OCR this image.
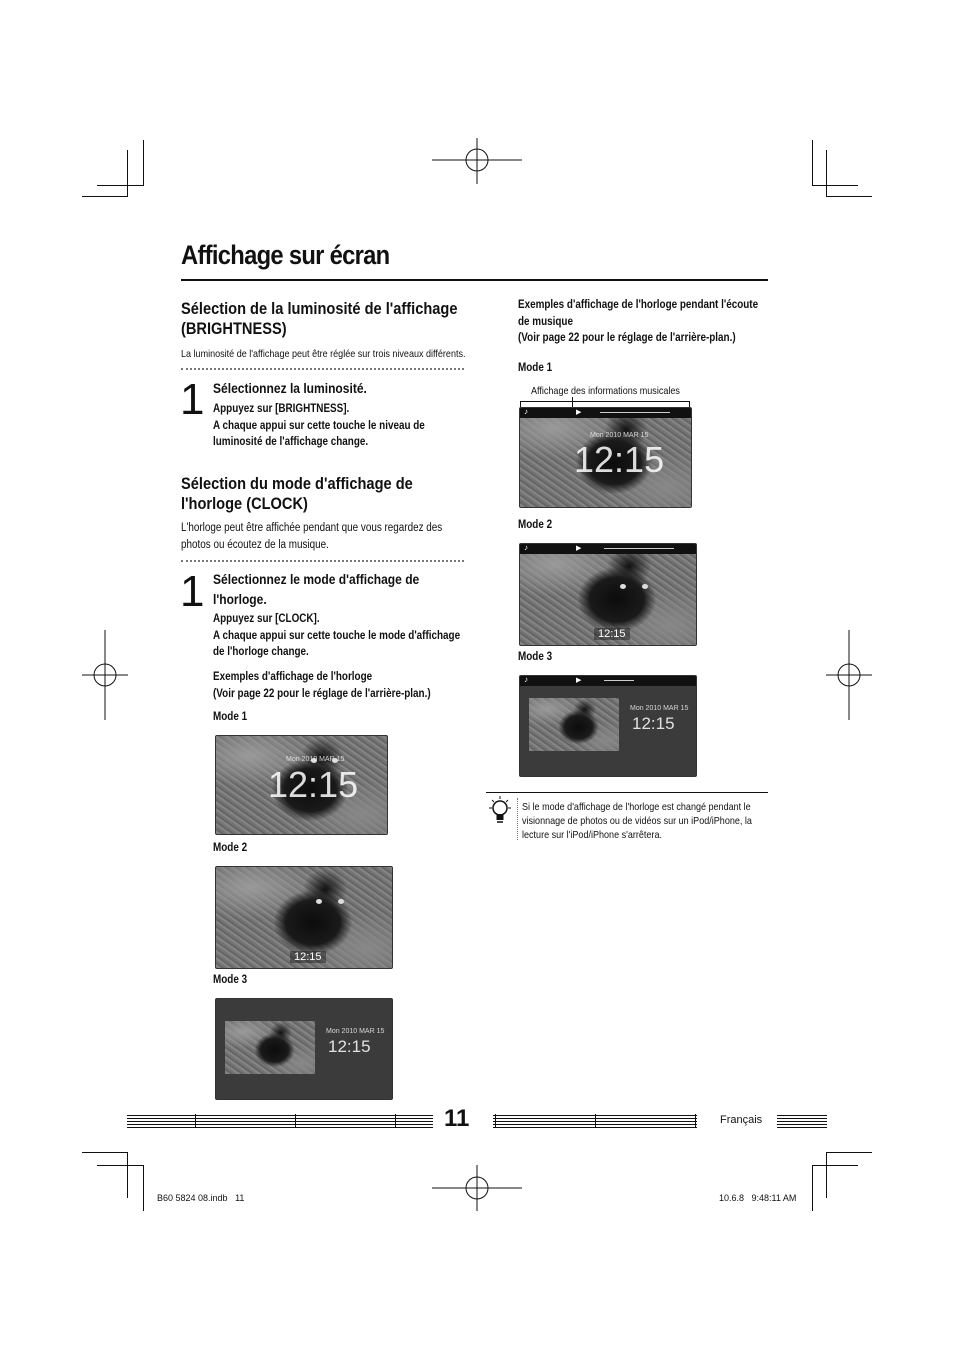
Affichage sur écran
Sélection de la luminosité de l'affichage
(BRIGHTNESS)
La luminosité de l'affichage peut être réglée sur trois niveaux différents.
1 Sélectionnez la luminosité.
Appuyez sur [BRIGHTNESS].
A chaque appui sur cette touche le niveau de
luminosité de l'affichage change.
Sélection du mode d'affichage de
l'horloge (CLOCK)
L'horloge peut être affichée pendant que vous regardez des
photos ou écoutez de la musique.
1 Sélectionnez le mode d'affichage de
l'horloge.
Appuyez sur [CLOCK].
A chaque appui sur cette touche le mode d'affichage
de l'horloge change.
Exemples d'affichage de l'horloge
(Voir page 22 pour le réglage de l'arrière-plan.)
Mode 1
Mon 2010 MAR 15
12:15
Mode 2
12:15
Mode 3
Mon 2010 MAR 15
12:15
Exemples d'affichage de l'horloge pendant l'écoute
de musique
(Voir page 22 pour le réglage de l'arrière-plan.)
Mode 1
Affichage des informations musicales
♪	▶
Mon 2010 MAR 15
12:15
Mode 2
♪	▶
12:15
Mode 3
♪	▶
Mon 2010 MAR 15
12:15
Si le mode d'affichage de l'horloge est changé pendant le
visionnage de photos ou de vidéos sur un iPod/iPhone, la
lecture sur l'iPod/iPhone s'arrêtera.
11	Français
B60 5824 08.indb   11	10.6.8   9:48:11 AM
